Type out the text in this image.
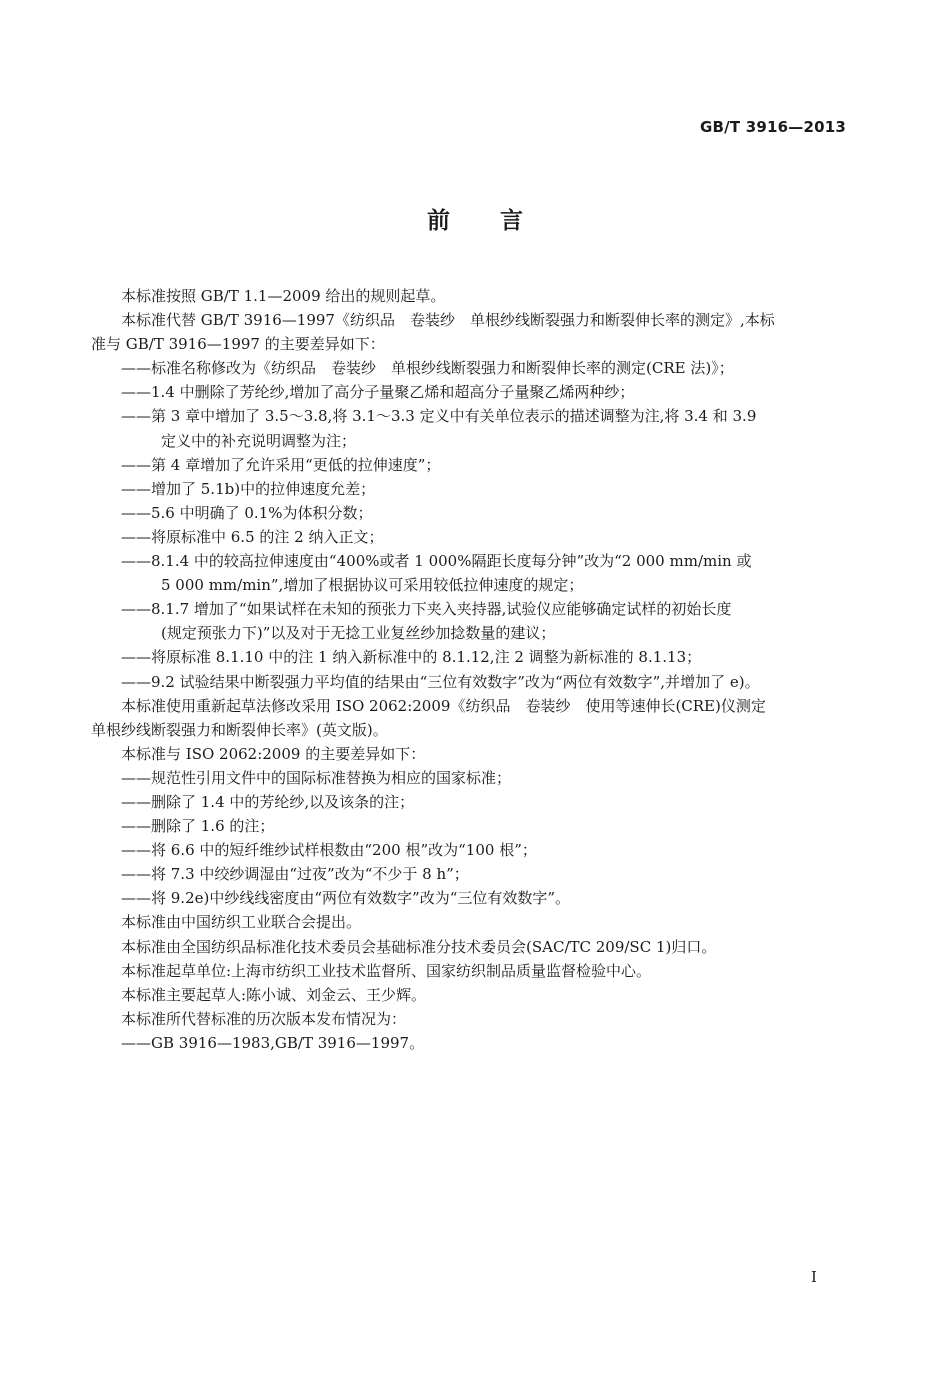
GB/T 3916—2013
前言
本标准按照 GB/T 1.1—2009 给出的规则起草。
本标准代替 GB/T 3916—1997《纺织品　卷装纱　单根纱线断裂强力和断裂伸长率的测定》,本标
准与 GB/T 3916—1997 的主要差异如下：
——标准名称修改为《纺织品　卷装纱　单根纱线断裂强力和断裂伸长率的测定(CRE 法)》；
——1.4 中删除了芳纶纱,增加了高分子量聚乙烯和超高分子量聚乙烯两种纱；
——第 3 章中增加了 3.5～3.8,将 3.1～3.3 定义中有关单位表示的描述调整为注,将 3.4 和 3.9
定义中的补充说明调整为注；
——第 4 章增加了允许采用“更低的拉伸速度”；
——增加了 5.1b)中的拉伸速度允差；
——5.6 中明确了 0.1%为体积分数；
——将原标准中 6.5 的注 2 纳入正文；
——8.1.4 中的较高拉伸速度由“400%或者 1 000%隔距长度每分钟”改为“2 000 mm/min 或
5 000 mm/min”,增加了根据协议可采用较低拉伸速度的规定；
——8.1.7 增加了“如果试样在未知的预张力下夹入夹持器,试验仪应能够确定试样的初始长度
(规定预张力下)”以及对于无捻工业复丝纱加捻数量的建议；
——将原标准 8.1.10 中的注 1 纳入新标准中的 8.1.12,注 2 调整为新标准的 8.1.13；
——9.2 试验结果中断裂强力平均值的结果由“三位有效数字”改为“两位有效数字”,并增加了 e)。
本标准使用重新起草法修改采用 ISO 2062:2009《纺织品　卷装纱　使用等速伸长(CRE)仪测定
单根纱线断裂强力和断裂伸长率》(英文版)。
本标准与 ISO 2062:2009 的主要差异如下：
——规范性引用文件中的国际标准替换为相应的国家标准；
——删除了 1.4 中的芳纶纱,以及该条的注；
——删除了 1.6 的注；
——将 6.6 中的短纤维纱试样根数由“200 根”改为“100 根”；
——将 7.3 中绞纱调湿由“过夜”改为“不少于 8 h”；
——将 9.2e)中纱线线密度由“两位有效数字”改为“三位有效数字”。
本标准由中国纺织工业联合会提出。
本标准由全国纺织品标准化技术委员会基础标准分技术委员会(SAC/TC 209/SC 1)归口。
本标准起草单位:上海市纺织工业技术监督所、国家纺织制品质量监督检验中心。
本标准主要起草人:陈小诚、刘金云、王少辉。
本标准所代替标准的历次版本发布情况为：
——GB 3916—1983,GB/T 3916—1997。
I
